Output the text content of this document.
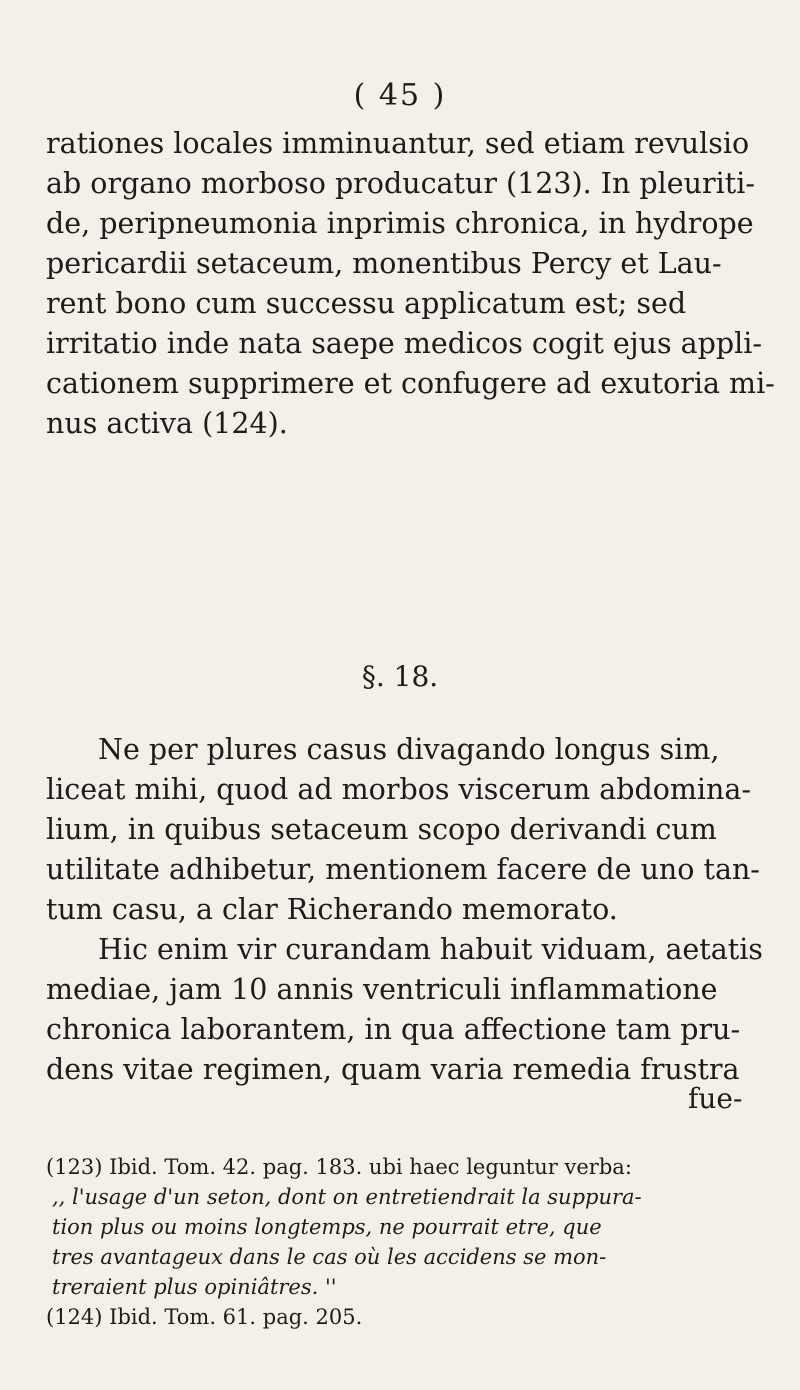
( 45 )
rationes locales imminuantur, sed etiam revulsio
ab organo morboso producatur (123). In pleuriti-
de, peripneumonia inprimis chronica, in hydrope
pericardii setaceum, monentibus Percy et Lau-
rent bono cum successu applicatum est; sed
irritatio inde nata saepe medicos cogit ejus appli-
cationem supprimere et confugere ad exutoria mi-
nus activa (124).
§. 18.
Ne per plures casus divagando longus sim,
liceat mihi, quod ad morbos viscerum abdomina-
lium, in quibus setaceum scopo derivandi cum
utilitate adhibetur, mentionem facere de uno tan-
tum casu, a clar Richerando memorato.
Hic enim vir curandam habuit viduam, aetatis
mediae, jam 10 annis ventriculi inflammatione
chronica laborantem, in qua affectione tam pru-
dens vitae regimen, quam varia remedia frustra
fue-
(123) Ibid. Tom. 42. pag. 183. ubi haec leguntur verba:
,, l'usage d'un seton, dont on entretiendrait la suppura-
tion plus ou moins longtemps, ne pourrait etre, que
tres avantageux dans le cas où les accidens se mon-
treraient plus opiniâtres. ''
(124) Ibid. Tom. 61. pag. 205.
